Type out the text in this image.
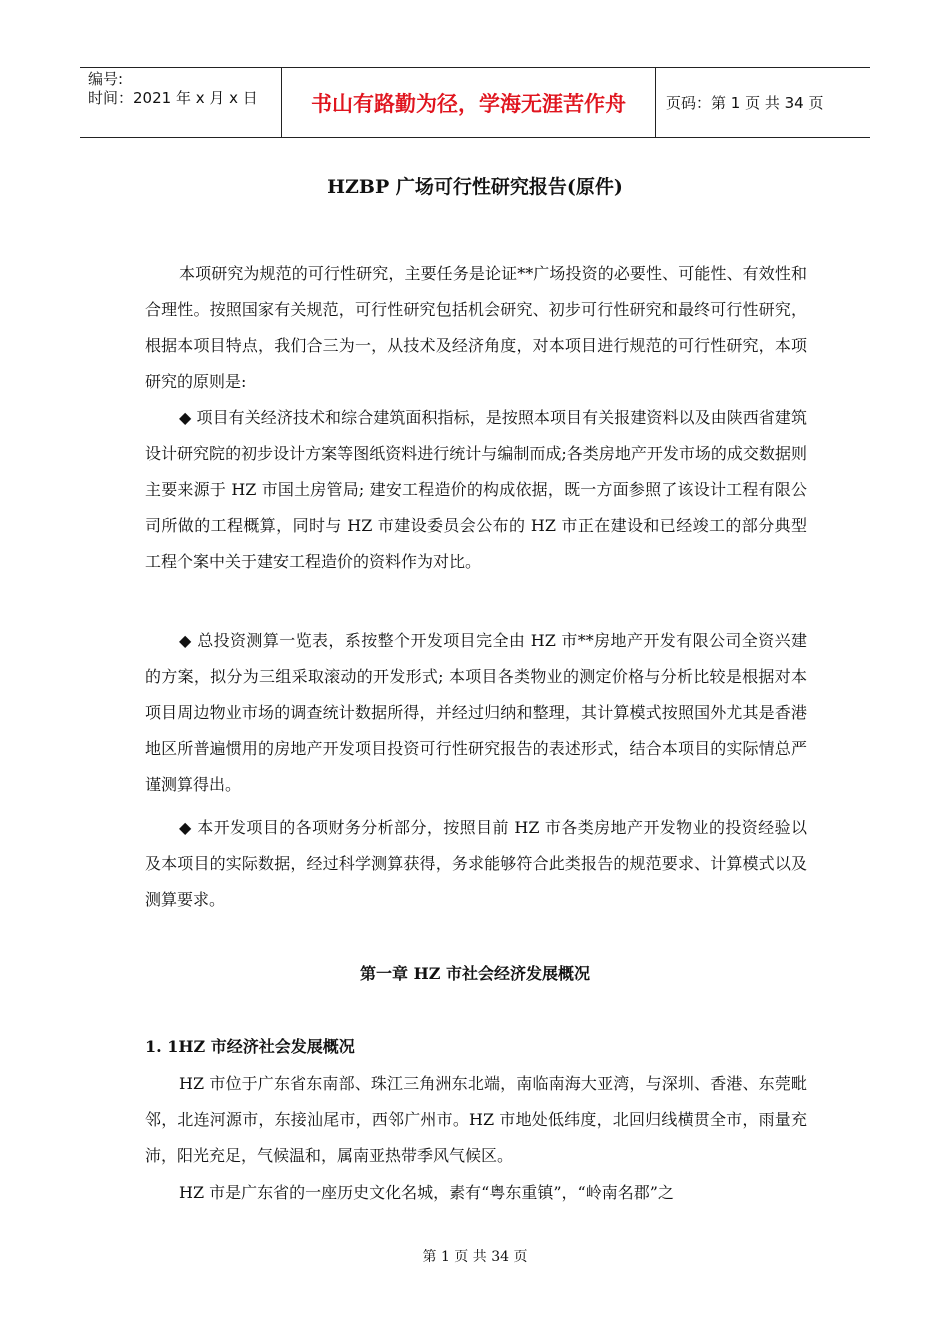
编号:
时间：2021 年 x 月 x 日	书山有路勤为径，学海无涯苦作舟	页码：第 1 页 共 34 页
HZBP 广场可行性研究报告(原件)

本项研究为规范的可行性研究，主要任务是论证**广场投资的必要性、可能性、有效性和合理性。按照国家有关规范，可行性研究包括机会研究、初步可行性研究和最终可行性研究，根据本项目特点，我们合三为一，从技术及经济角度，对本项目进行规范的可行性研究，本项研究的原则是:

◆ 项目有关经济技术和综合建筑面积指标，是按照本项目有关报建资料以及由陕西省建筑设计研究院的初步设计方案等图纸资料进行统计与编制而成;各类房地产开发市场的成交数据则主要来源于 HZ 市国土房管局; 建安工程造价的构成依据，既一方面参照了该设计工程有限公司所做的工程概算，同时与 HZ 市建设委员会公布的 HZ 市正在建设和已经竣工的部分典型工程个案中关于建安工程造价的资料作为对比。

◆ 总投资测算一览表，系按整个开发项目完全由 HZ 市**房地产开发有限公司全资兴建的方案，拟分为三组采取滚动的开发形式; 本项目各类物业的测定价格与分析比较是根据对本项目周边物业市场的调查统计数据所得，并经过归纳和整理，其计算模式按照国外尤其是香港地区所普遍惯用的房地产开发项目投资可行性研究报告的表述形式，结合本项目的实际情总严谨测算得出。

◆ 本开发项目的各项财务分析部分，按照目前 HZ 市各类房地产开发物业的投资经验以及本项目的实际数据，经过科学测算获得，务求能够符合此类报告的规范要求、计算模式以及测算要求。

第一章 HZ 市社会经济发展概况
1. 1HZ 市经济社会发展概况

HZ 市位于广东省东南部、珠江三角洲东北端，南临南海大亚湾，与深圳、香港、东莞毗邻，北连河源市，东接汕尾市，西邻广州市。HZ 市地处低纬度，北回归线横贯全市，雨量充沛，阳光充足，气候温和，属南亚热带季风气候区。

HZ 市是广东省的一座历史文化名城，素有“粤东重镇”，“岭南名郡”之

第 1 页 共 34 页
